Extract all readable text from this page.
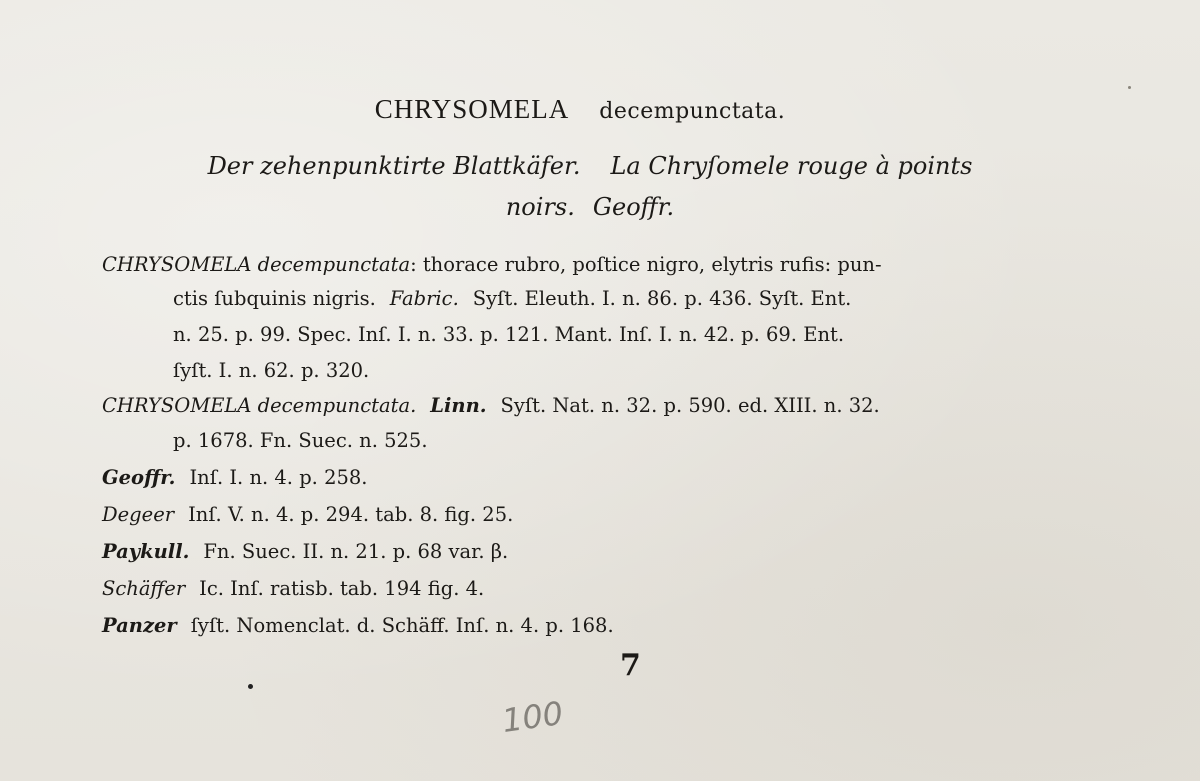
CHRYSOMELA decempunctata.
Der zehenpunktirte Blattkäfer. La Chryſomele rouge à points
noirs. Geoffr.
CHRYSOMELA decempunctata: thorace rubro, poſtice nigro, elytris rufis: pun-
ctis ſubquinis nigris. Fabric. Syſt. Eleuth. I. n. 86. p. 436. Syſt. Ent.
n. 25. p. 99. Spec. Inſ. I. n. 33. p. 121. Mant. Inſ. I. n. 42. p. 69. Ent.
ſyſt. I. n. 62. p. 320.
CHRYSOMELA decempunctata. Linn. Syſt. Nat. n. 32. p. 590. ed. XIII. n. 32.
p. 1678. Fn. Suec. n. 525.
Geoffr. Inſ. I. n. 4. p. 258.
Degeer Inſ. V. n. 4. p. 294. tab. 8. fig. 25.
Paykull. Fn. Suec. II. n. 21. p. 68 var. β.
Schäffer Ic. Inſ. ratisb. tab. 194 fig. 4.
Panzer ſyſt. Nomenclat. d. Schäff. Inſ. n. 4. p. 168.
7
100
